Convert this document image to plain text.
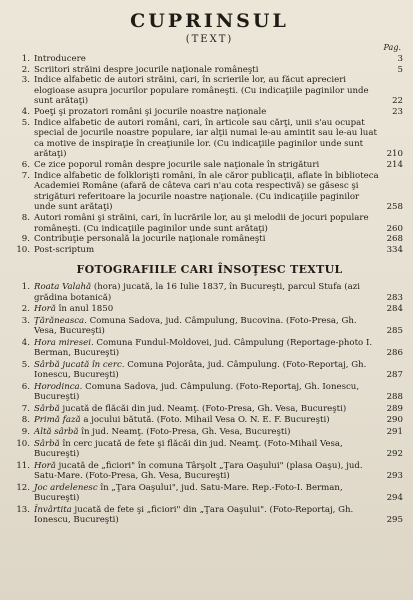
CUPRINSUL
(TEXT)
Pag.
1. Introducere	3
2. Scriitori străini despre jocurile naţionale româneşti	5
3. Indice alfabetic de autori străini, cari, în scrierile lor, au făcut aprecieri elogioase asupra jocurilor populare româneşti. (Cu indicaţiile paginilor unde sunt arătaţi)	22
4. Poeţi şi prozatori români şi jocurile noastre naţionale	23
5. Indice alfabetic de autori români, cari, în articole sau cărţi, unii s'au ocupat special de jocurile noastre populare, iar alţii numai le-au amintit sau le-au luat ca motive de inspiraţie în creaţiunile lor. (Cu indicaţiile paginilor unde sunt arătaţi)	210
6. Ce zice poporul român despre jocurile sale naţionale în strigături	214
7. Indice alfabetic de folklorişti români, în ale căror publicaţii, aflate în biblioteca Academiei Române (afară de câteva cari n'au cota respectivă) se găsesc şi strigături referitoare la jocurile noastre naţionale. (Cu indicaţiile paginilor unde sunt arătaţi)	258
8. Autori români şi străini, cari, în lucrările lor, au şi melodii de jocuri populare româneşti. (Cu indicaţiile paginilor unde sunt arătaţi)	260
9. Contribuţie personală la jocurile naţionale româneşti	268
10. Post-scriptum	334
FOTOGRAFIILE CARI ÎNSOŢESC TEXTUL
1. Roata Valahă (hora) jucată, la 16 Iulie 1837, în Bucureşti, parcul Stufa (azi grădina botanică)	283
2. Horă în anul 1850	284
3. Ţărăneasca. Comuna Sadova, jud. Câmpulung, Bucovina. (Foto-Presa, Gh. Vesa, Bucureşti)	285
4. Hora miresei. Comuna Fundul-Moldovei, jud. Câmpulung (Reportage-photo I. Berman, Bucureşti)	286
5. Sârbă jucată în cerc. Comuna Pojorâta, jud. Câmpulung. (Foto-Reportaj, Gh. Ionescu, Bucureşti)	287
6. Horodinca. Comuna Sadova, jud. Câmpulung. (Foto-Reportaj, Gh. Ionescu, Bucureşti)	288
7. Sârbă jucată de flăcăi din jud. Neamţ. (Foto-Presa, Gh. Vesa, Bucureşti)	289
8. Primă fază a jocului bătută. (Foto. Mihail Vesa O. N. E. F. Bucureşti)	290
9. Altă sârbă în jud. Neamţ. (Foto-Presa, Gh. Vesa, Bucureşti)	291
10. Sârbă în cerc jucată de fete şi flăcăi din jud. Neamţ. (Foto-Mihail Vesa, Bucureşti)	292
11. Horă jucată de „ficiori" în comuna Târşolt „Ţara Oaşului" (plasa Oaşu), jud. Satu-Mare. (Foto-Presa, Gh. Vesa, Bucureşti)	293
12. Joc ardelenesc în „Ţara Oaşului", jud. Satu-Mare. Rep.-Foto-I. Berman, Bucureşti)	294
13. Învârtita jucată de fete şi „ficiori" din „Ţara Oaşului". (Foto-Reportaj, Gh. Ionescu, Bucureşti)	295
